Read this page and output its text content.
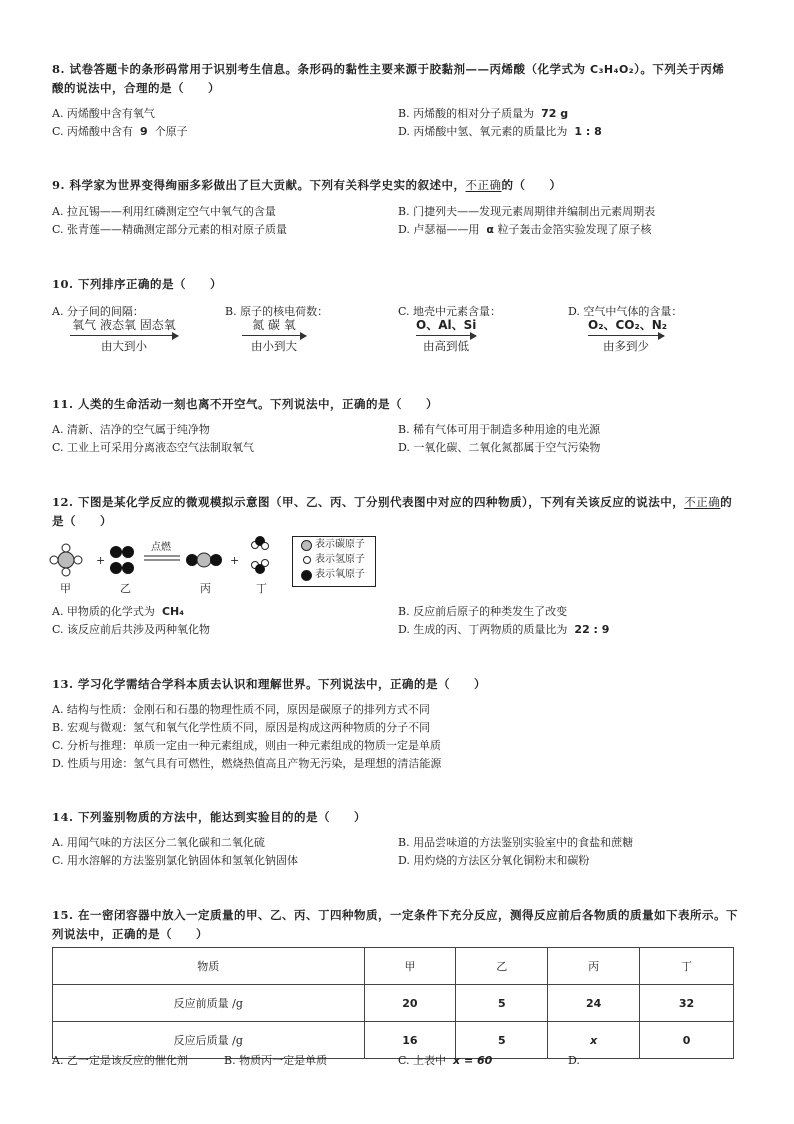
8. 试卷答题卡的条形码常用于识别考生信息。条形码的黏性主要来源于胶黏剂——丙烯酸（化学式为 C₃H₄O₂）。下列关于丙烯
酸的说法中，合理的是（　　）
A. 丙烯酸中含有氧气	B. 丙烯酸的相对分子质量为 72 g
C. 丙烯酸中含有 9 个原子	D. 丙烯酸中氢、氧元素的质量比为 1 : 8
9. 科学家为世界变得绚丽多彩做出了巨大贡献。下列有关科学史实的叙述中，不正确的（　　）
A. 拉瓦锡——利用红磷测定空气中氧气的含量	B. 门捷列夫——发现元素周期律并编制出元素周期表
C. 张青莲——精确测定部分元素的相对原子质量	D. 卢瑟福——用 α 粒子轰击金箔实验发现了原子核
10. 下列排序正确的是（　　）
A. 分子间的间隔：
氧气 液态氧 固态氧
由大到小
B. 原子的核电荷数：
氮 碳 氧
由小到大
C. 地壳中元素含量：
O、Al、Si
由高到低
D. 空气中气体的含量：
O₂、CO₂、N₂
由多到少
11. 人类的生命活动一刻也离不开空气。下列说法中，正确的是（　　）
A. 清新、洁净的空气属于纯净物	B. 稀有气体可用于制造多种用途的电光源
C. 工业上可采用分离液态空气法制取氧气	D. 一氧化碳、二氧化氮都属于空气污染物
12. 下图是某化学反应的微观模拟示意图（甲、乙、丙、丁分别代表图中对应的四种物质），下列有关该反应的说法中，不正确的
是（　　）
+
点燃
+
甲	乙	丙	丁
表示碳原子
表示氢原子
表示氧原子
A. 甲物质的化学式为 CH₄	B. 反应前后原子的种类发生了改变
C. 该反应前后共涉及两种氧化物	D. 生成的丙、丁两物质的质量比为 22 : 9
13. 学习化学需结合学科本质去认识和理解世界。下列说法中，正确的是（　　）
A. 结构与性质：金刚石和石墨的物理性质不同，原因是碳原子的排列方式不同
B. 宏观与微观：氢气和氧气化学性质不同，原因是构成这两种物质的分子不同
C. 分析与推理：单质一定由一种元素组成，则由一种元素组成的物质一定是单质
D. 性质与用途：氢气具有可燃性，燃烧热值高且产物无污染，是理想的清洁能源
14. 下列鉴别物质的方法中，能达到实验目的的是（　　）
A. 用闻气味的方法区分二氧化碳和二氧化硫	B. 用品尝味道的方法鉴别实验室中的食盐和蔗糖
C. 用水溶解的方法鉴别氯化钠固体和氢氧化钠固体	D. 用灼烧的方法区分氧化铜粉末和碳粉
15. 在一密闭容器中放入一定质量的甲、乙、丙、丁四种物质，一定条件下充分反应，测得反应前后各物质的质量如下表所示。下
列说法中，正确的是（　　）
物质	甲	乙	丙	丁
反应前质量 /g	20	5	24	32
反应后质量 /g	16	5	x	0
A. 乙一定是该反应的催化剂	B. 物质丙一定是单质	C. 上表中 x = 60	D.
